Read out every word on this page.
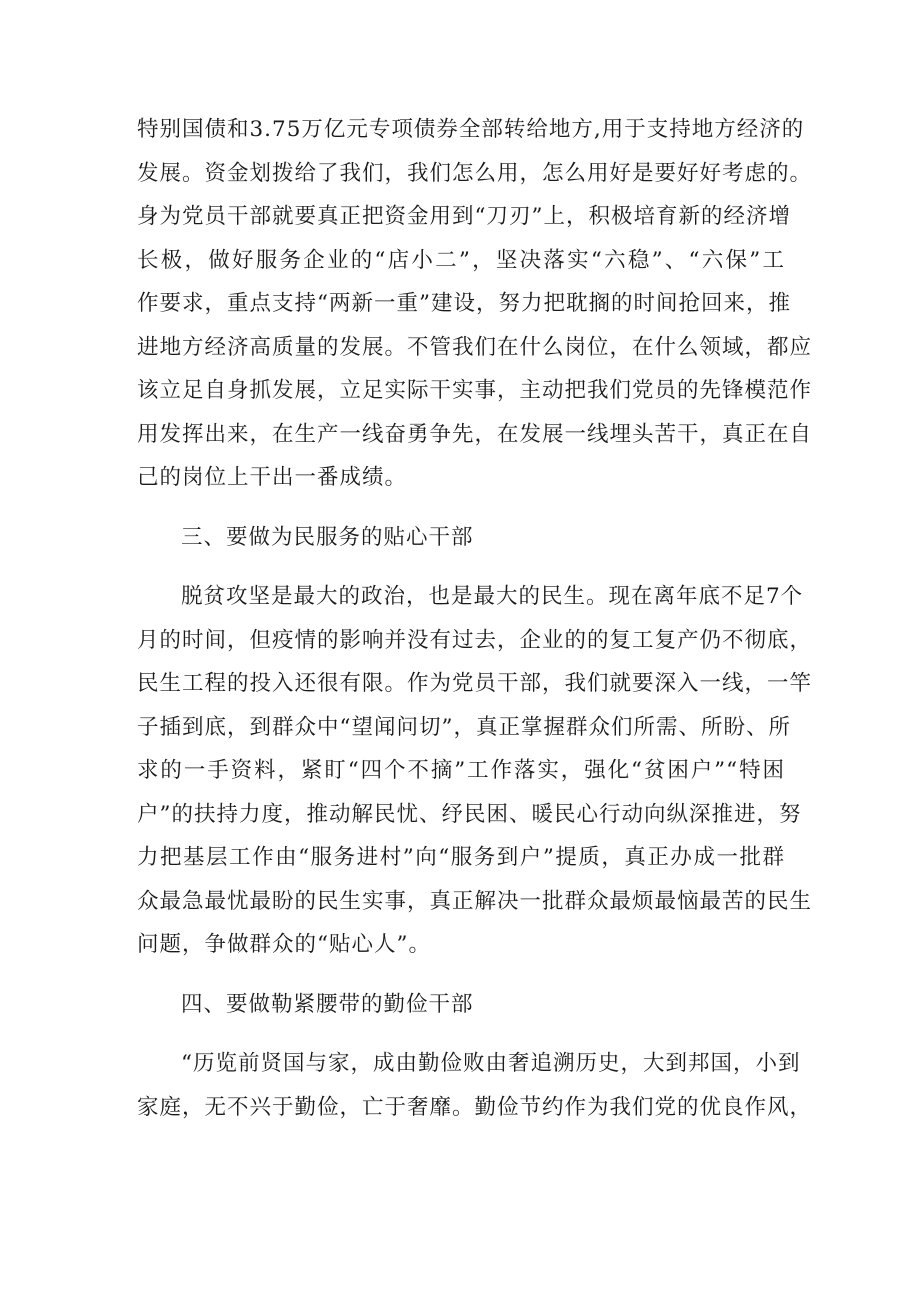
特别国债和3.75万亿元专项债券全部转给地方,用于支持地方经济的
发展。资金划拨给了我们，我们怎么用，怎么用好是要好好考虑的。
身为党员干部就要真正把资金用到“刀刃”上，积极培育新的经济增
长极，做好服务企业的“店小二”，坚决落实“六稳”、“六保”工
作要求，重点支持“两新一重”建设，努力把耽搁的时间抢回来，推
进地方经济高质量的发展。不管我们在什么岗位，在什么领域，都应
该立足自身抓发展，立足实际干实事，主动把我们党员的先锋模范作
用发挥出来，在生产一线奋勇争先，在发展一线埋头苦干，真正在自
己的岗位上干出一番成绩。

三、要做为民服务的贴心干部

脱贫攻坚是最大的政治，也是最大的民生。现在离年底不足7个
月的时间，但疫情的影响并没有过去，企业的的复工复产仍不彻底，
民生工程的投入还很有限。作为党员干部，我们就要深入一线，一竿
子插到底，到群众中“望闻问切”，真正掌握群众们所需、所盼、所
求的一手资料，紧盯“四个不摘”工作落实，强化“贫困户”“特困
户”的扶持力度，推动解民忧、纾民困、暖民心行动向纵深推进，努
力把基层工作由“服务进村”向“服务到户”提质，真正办成一批群
众最急最忧最盼的民生实事，真正解决一批群众最烦最恼最苦的民生
问题，争做群众的“贴心人”。

四、要做勒紧腰带的勤俭干部

“历览前贤国与家，成由勤俭败由奢追溯历史，大到邦国，小到
家庭，无不兴于勤俭，亡于奢靡。勤俭节约作为我们党的优良作风，
